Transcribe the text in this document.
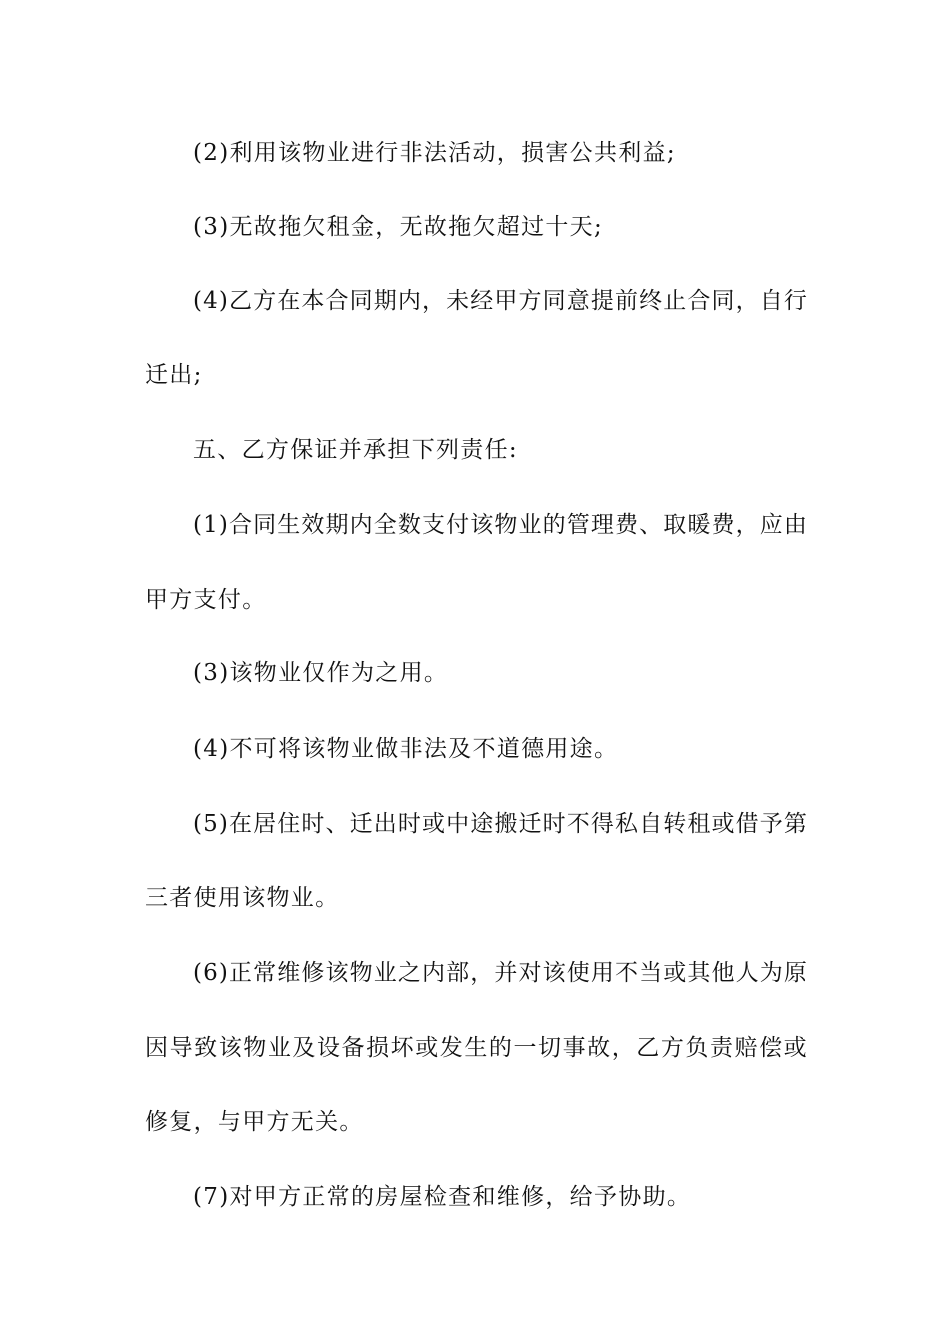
(2)利用该物业进行非法活动，损害公共利益;
(3)无故拖欠租金，无故拖欠超过十天;
( 4 ) 乙 方 在 本 合 同 期 内 ， 未 经 甲 方 同 意 提 前 终 止 合 同 ， 自 行
迁出;
五、乙方保证并承担下列责任:
( 1 ) 合 同 生 效 期 内 全 数 支 付 该 物 业 的 管 理 费 、 取 暖 费 ， 应 由
甲方支付。
(3)该物业仅作为之用。
(4)不可将该物业做非法及不道德用途。
( 5 ) 在 居 住 时 、 迁 出 时 或 中 途 搬 迁 时 不 得 私 自 转 租 或 借 予 第
三者使用该物业。
( 6 ) 正 常 维 修 该 物 业 之 内 部 ， 并 对 该 使 用 不 当 或 其 他 人 为 原
因 导 致 该 物 业 及 设 备 损 坏 或 发 生 的 一 切 事 故 ， 乙 方 负 责 赔 偿 或
修复，与甲方无关。
(7)对甲方正常的房屋检查和维修，给予协助。
